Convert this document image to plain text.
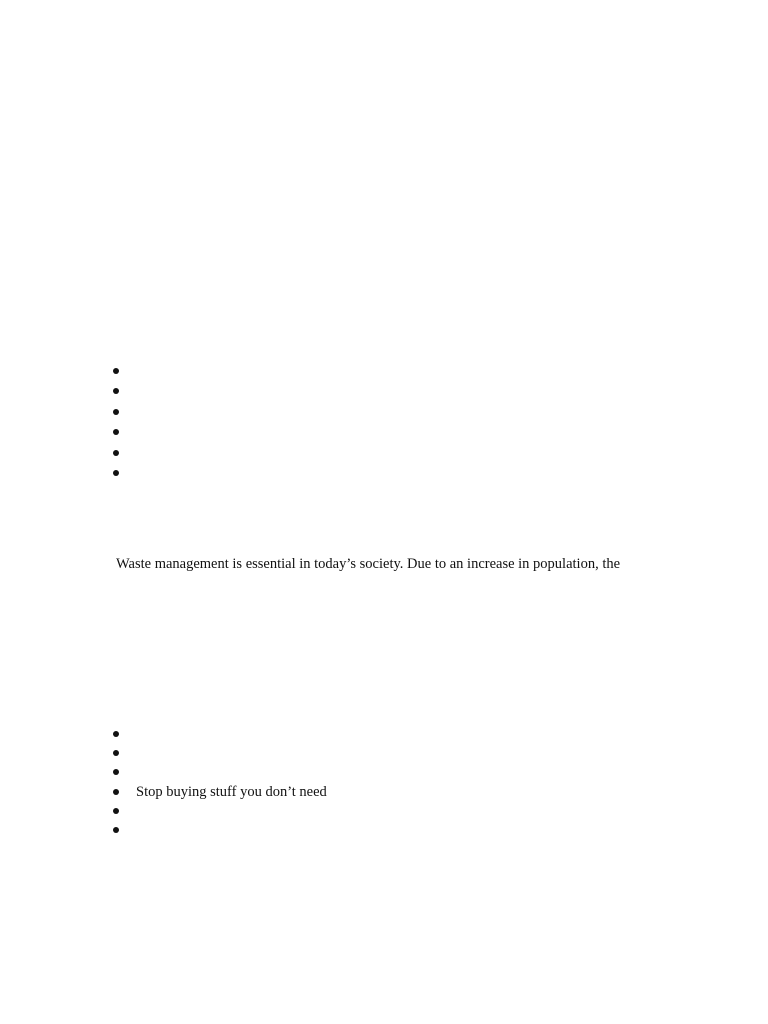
Waste management is essential in today’s society. Due to an increase in population, the

Stop buying stuff you don’t need
